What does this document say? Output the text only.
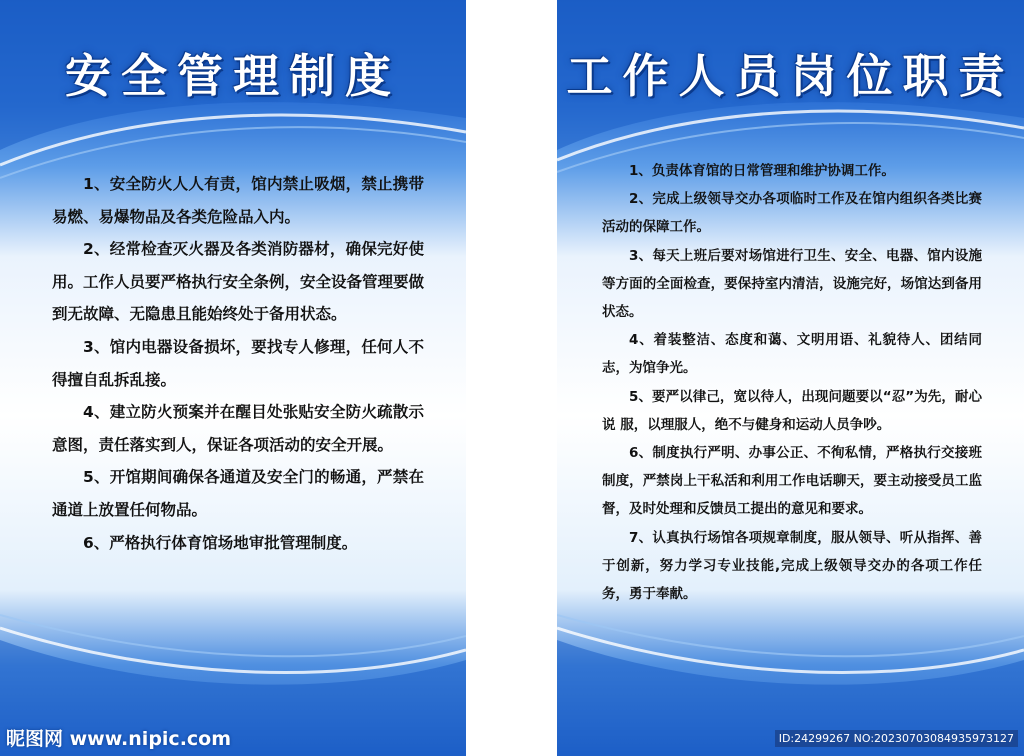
安全管理制度

1、安全防火人人有责，馆内禁止吸烟，禁止携带易燃、易爆物品及各类危险品入内。

2、经常检查灭火器及各类消防器材，确保完好使用。工作人员要严格执行安全条例，安全设备管理要做到无故障、无隐患且能始终处于备用状态。

3、馆内电器设备损坏，要找专人修理，任何人不得擅自乱拆乱接。

4、建立防火预案并在醒目处张贴安全防火疏散示意图，责任落实到人，保证各项活动的安全开展。

5、开馆期间确保各通道及安全门的畅通，严禁在通道上放置任何物品。

6、严格执行体育馆场地审批管理制度。

工作人员岗位职责

1、负责体育馆的日常管理和维护协调工作。

2、完成上级领导交办各项临时工作及在馆内组织各类比赛活动的保障工作。

3、每天上班后要对场馆进行卫生、安全、电器、馆内设施等方面的全面检查，要保持室内清洁，设施完好，场馆达到备用状态。

4、着装整洁、态度和蔼、文明用语、礼貌待人、团结同志，为馆争光。

5、要严以律己，宽以待人，出现问题要以“忍”为先，耐心说 服，以理服人，绝不与健身和运动人员争吵。

6、制度执行严明、办事公正、不徇私情，严格执行交接班制度，严禁岗上干私活和利用工作电话聊天，要主动接受员工监督，及时处理和反馈员工提出的意见和要求。

7、认真执行场馆各项规章制度，服从领导、听从指挥、善于创新，努力学习专业技能,完成上级领导交办的各项工作任务，勇于奉献。

昵图网 www.nipic.com	ID:24299267 NO:20230703084935973127
